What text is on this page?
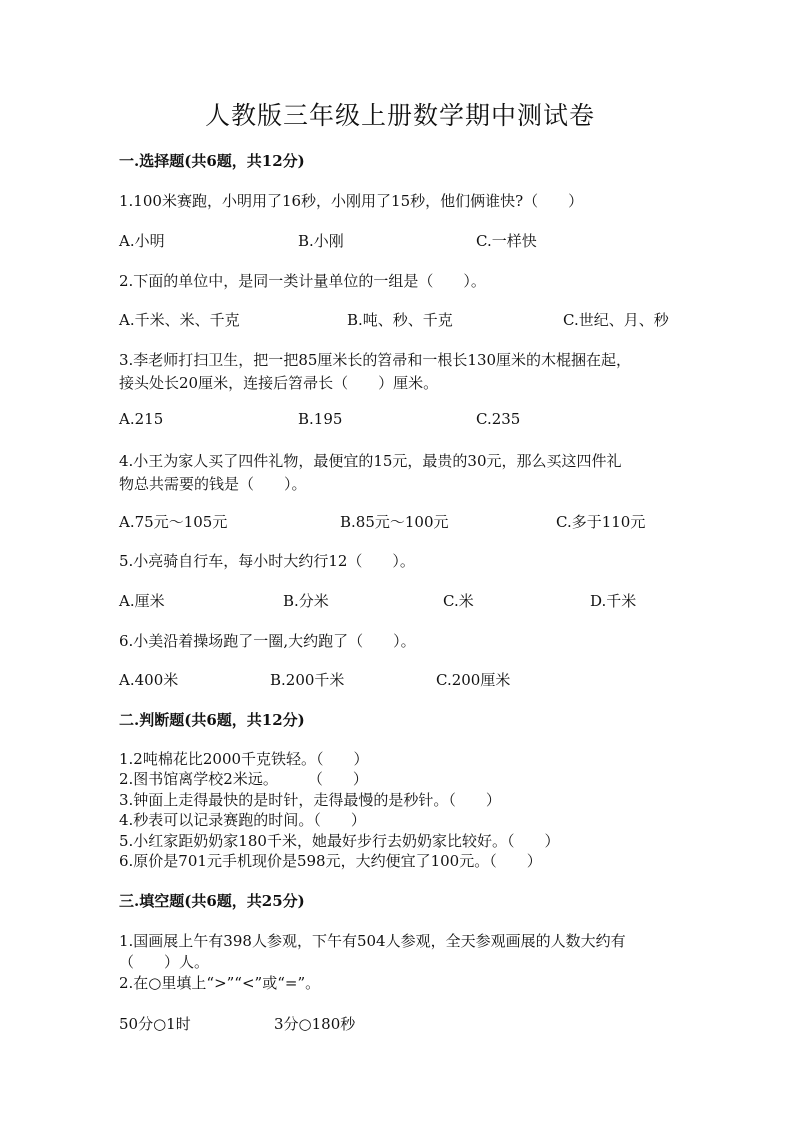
人教版三年级上册数学期中测试卷
一.选择题(共6题，共12分)
1.100米赛跑，小明用了16秒，小刚用了15秒，他们俩谁快?（　　）
A.小明	B.小刚	C.一样快
2.下面的单位中，是同一类计量单位的一组是（　　）。
A.千米、米、千克	B.吨、秒、千克	C.世纪、月、秒
3.李老师打扫卫生，把一把85厘米长的笤帚和一根长130厘米的木棍捆在起，
接头处长20厘米，连接后笤帚长（　　）厘米。
A.215	B.195	C.235
4.小王为家人买了四件礼物，最便宜的15元，最贵的30元，那么买这四件礼
物总共需要的钱是（　　）。
A.75元～105元	B.85元～100元	C.多于110元
5.小亮骑自行车，每小时大约行12（　　）。
A.厘米	B.分米	C.米	D.千米
6.小美沿着操场跑了一圈,大约跑了（　　）。
A.400米	B.200千米	C.200厘米
二.判断题(共6题，共12分)
1.2吨棉花比2000千克铁轻。（　　）
2.图书馆离学校2米远。　　　（　　）
3.钟面上走得最快的是时针，走得最慢的是秒针。（　　）
4.秒表可以记录赛跑的时间。（　　）
5.小红家距奶奶家180千米，她最好步行去奶奶家比较好。（　　）
6.原价是701元手机现价是598元，大约便宜了100元。（　　）
三.填空题(共6题，共25分)
1.国画展上午有398人参观，下午有504人参观，全天参观画展的人数大约有
（　　）人。
2.在○里填上“>”“<”或“=”。
50分○1时	3分○180秒
